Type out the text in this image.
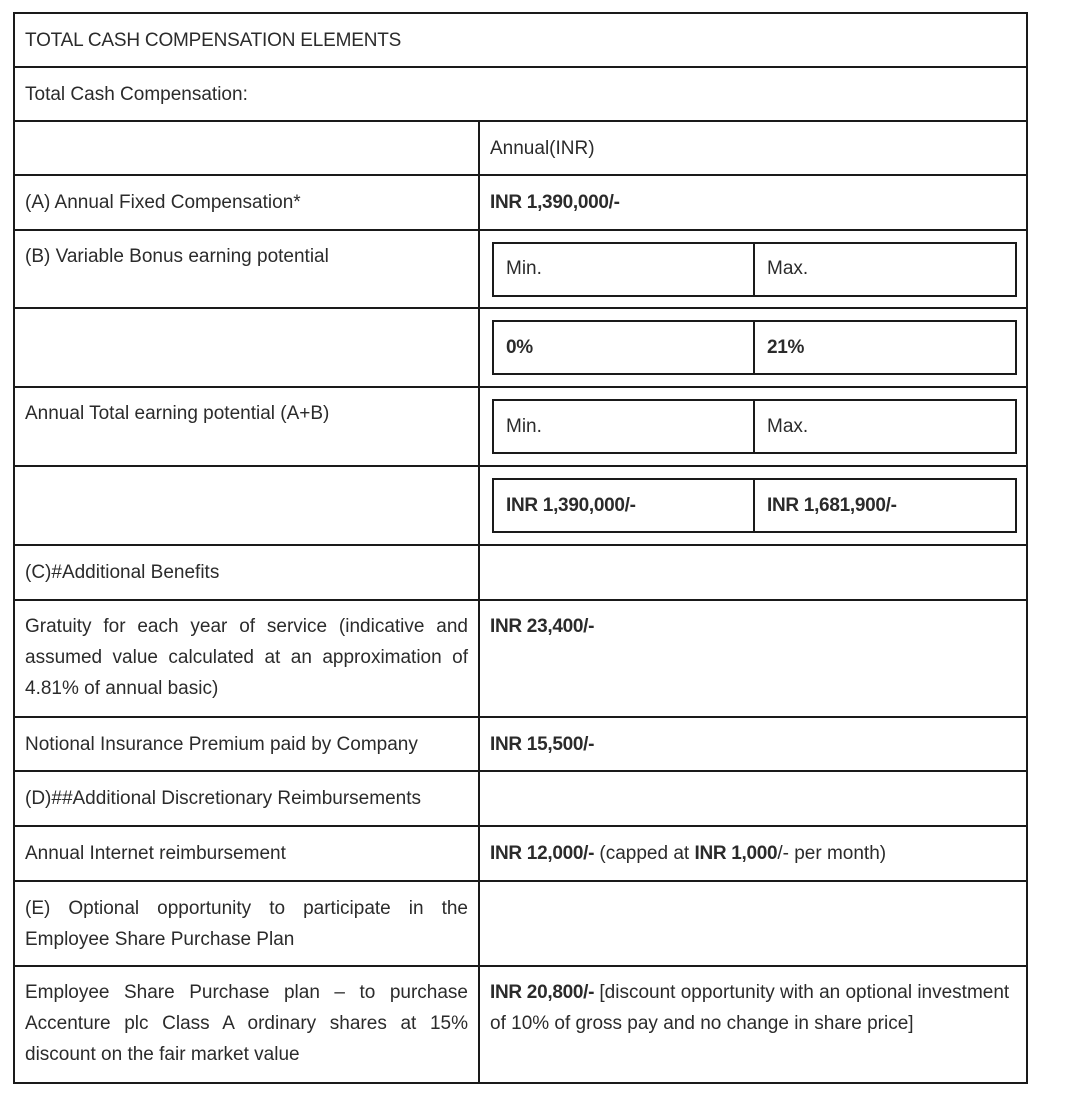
TOTAL CASH COMPENSATION ELEMENTS
Total Cash Compensation:
	Annual(INR)
(A) Annual Fixed Compensation*	INR 1,390,000/-
(B) Variable Bonus earning potential	
Min.	Max.

0%	21%

Annual Total earning potential (A+B)	
Min.	Max.

INR 1,390,000/-	INR 1,681,900/-

(C)#Additional Benefits	
Gratuity for each year of service (indicative and assumed value calculated at an approximation of 4.81% of annual basic)	INR 23,400/-
Notional Insurance Premium paid by Company	INR 15,500/-
(D)##Additional Discretionary Reimbursements	
Annual Internet reimbursement	INR 12,000/- (capped at INR 1,000/- per month)
(E) Optional opportunity to participate in the Employee Share Purchase Plan	
Employee Share Purchase plan – to purchase Accenture plc Class A ordinary shares at 15% discount on the fair market value	INR 20,800/- [discount opportunity with an optional investment of 10% of gross pay and no change in share price]
